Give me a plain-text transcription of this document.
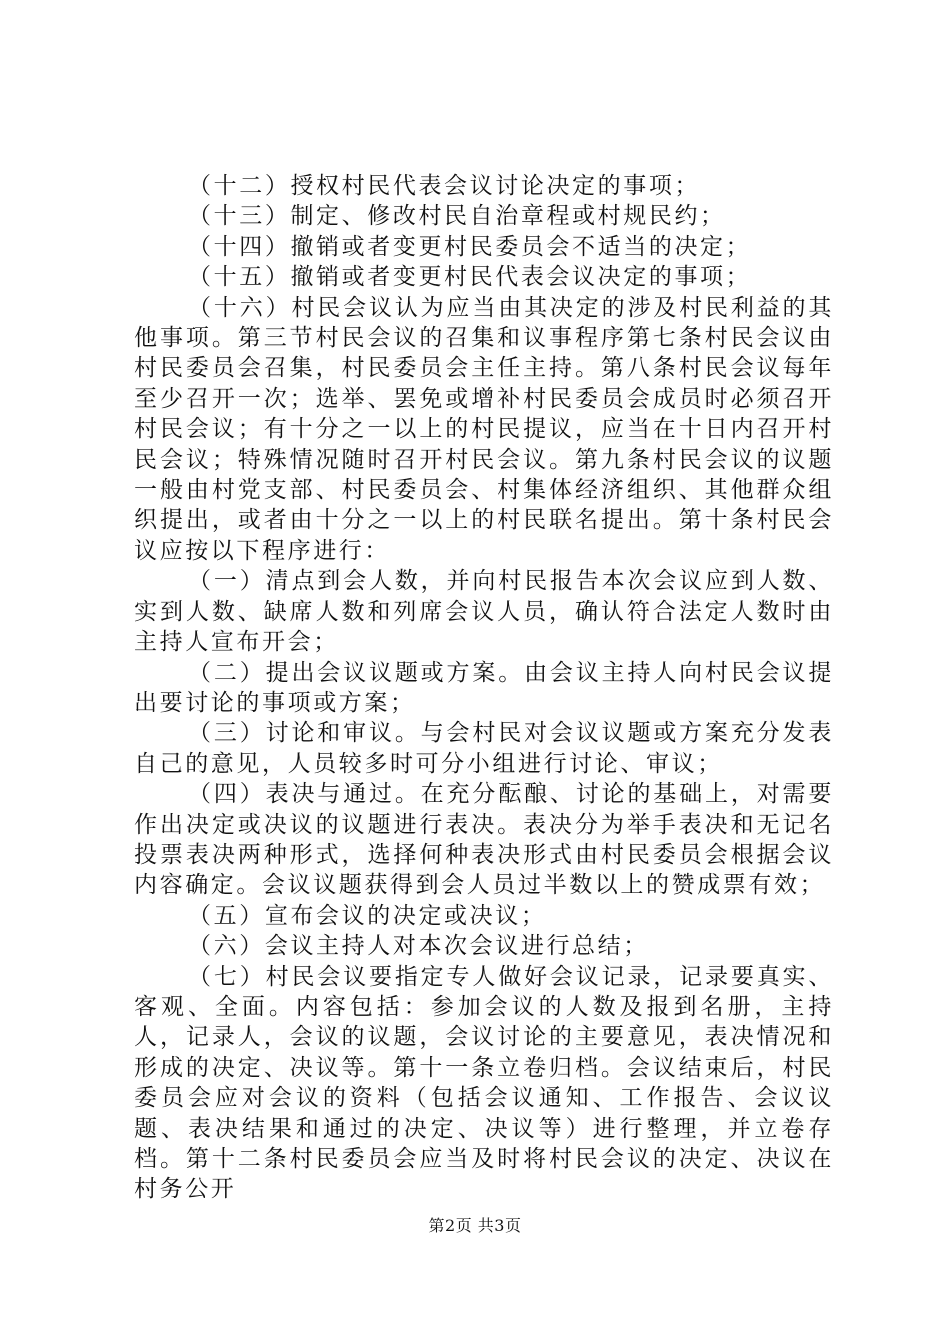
（十二）授权村民代表会议讨论决定的事项；

（十三）制定、修改村民自治章程或村规民约；

（十四）撤销或者变更村民委员会不适当的决定；

（十五）撤销或者变更村民代表会议决定的事项；

（十六）村民会议认为应当由其决定的涉及村民利益的其他事项。第三节村民会议的召集和议事程序第七条村民会议由村民委员会召集，村民委员会主任主持。第八条村民会议每年至少召开一次；选举、罢免或增补村民委员会成员时必须召开村民会议；有十分之一以上的村民提议，应当在十日内召开村民会议；特殊情况随时召开村民会议。第九条村民会议的议题一般由村党支部、村民委员会、村集体经济组织、其他群众组织提出，或者由十分之一以上的村民联名提出。第十条村民会议应按以下程序进行：

（一）清点到会人数，并向村民报告本次会议应到人数、实到人数、缺席人数和列席会议人员，确认符合法定人数时由主持人宣布开会；

（二）提出会议议题或方案。由会议主持人向村民会议提出要讨论的事项或方案；

（三）讨论和审议。与会村民对会议议题或方案充分发表自己的意见，人员较多时可分小组进行讨论、审议；

（四）表决与通过。在充分酝酿、讨论的基础上，对需要作出决定或决议的议题进行表决。表决分为举手表决和无记名投票表决两种形式，选择何种表决形式由村民委员会根据会议内容确定。会议议题获得到会人员过半数以上的赞成票有效；

（五）宣布会议的决定或决议；

（六）会议主持人对本次会议进行总结；

（七）村民会议要指定专人做好会议记录，记录要真实、客观、全面。内容包括：参加会议的人数及报到名册，主持人，记录人，会议的议题，会议讨论的主要意见，表决情况和形成的决定、决议等。第十一条立卷归档。会议结束后，村民委员会应对会议的资料（包括会议通知、工作报告、会议议题、表决结果和通过的决定、决议等）进行整理，并立卷存档。第十二条村民委员会应当及时将村民会议的决定、决议在村务公开

第2页 共3页
